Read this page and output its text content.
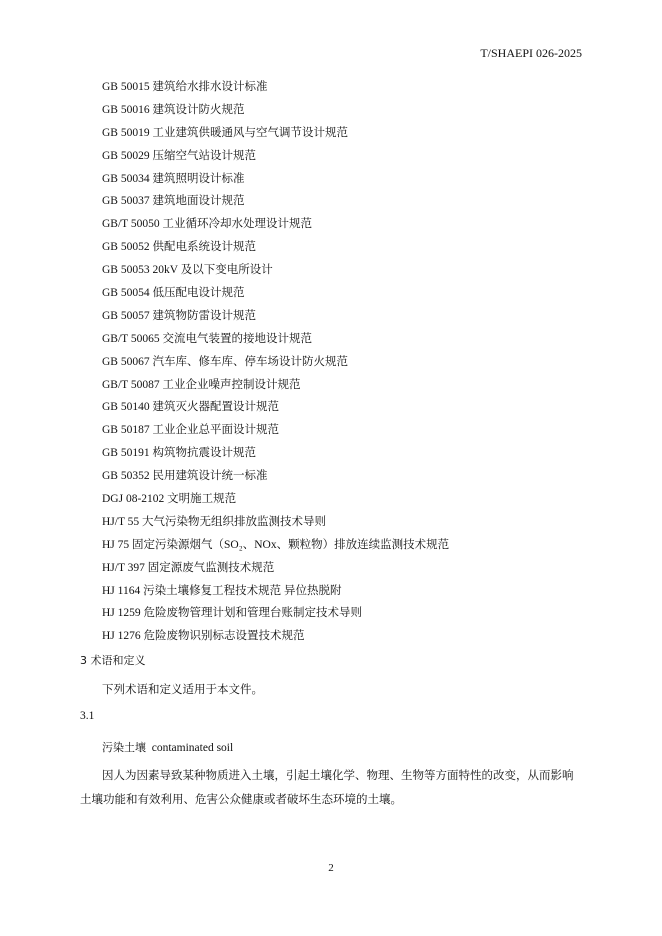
T/SHAEPI 026-2025
GB 50015 建筑给水排水设计标准
GB 50016 建筑设计防火规范
GB 50019 工业建筑供暖通风与空气调节设计规范
GB 50029 压缩空气站设计规范
GB 50034 建筑照明设计标准
GB 50037 建筑地面设计规范
GB/T 50050 工业循环冷却水处理设计规范
GB 50052 供配电系统设计规范
GB 50053 20kV 及以下变电所设计
GB 50054 低压配电设计规范
GB 50057 建筑物防雷设计规范
GB/T 50065 交流电气装置的接地设计规范
GB 50067 汽车库、修车库、停车场设计防火规范
GB/T 50087 工业企业噪声控制设计规范
GB 50140 建筑灭火器配置设计规范
GB 50187 工业企业总平面设计规范
GB 50191 构筑物抗震设计规范
GB 50352 民用建筑设计统一标准
DGJ 08-2102 文明施工规范
HJ/T 55 大气污染物无组织排放监测技术导则
HJ 75 固定污染源烟气（SO₂、NOx、颗粒物）排放连续监测技术规范
HJ/T 397 固定源废气监测技术规范
HJ 1164 污染土壤修复工程技术规范 异位热脱附
HJ 1259 危险废物管理计划和管理台账制定技术导则
HJ 1276 危险废物识别标志设置技术规范
3 术语和定义
下列术语和定义适用于本文件。
3.1
污染土壤 contaminated soil
因人为因素导致某种物质进入土壤，引起土壤化学、物理、生物等方面特性的改变，从而影响土壤功能和有效利用、危害公众健康或者破坏生态环境的土壤。
2
